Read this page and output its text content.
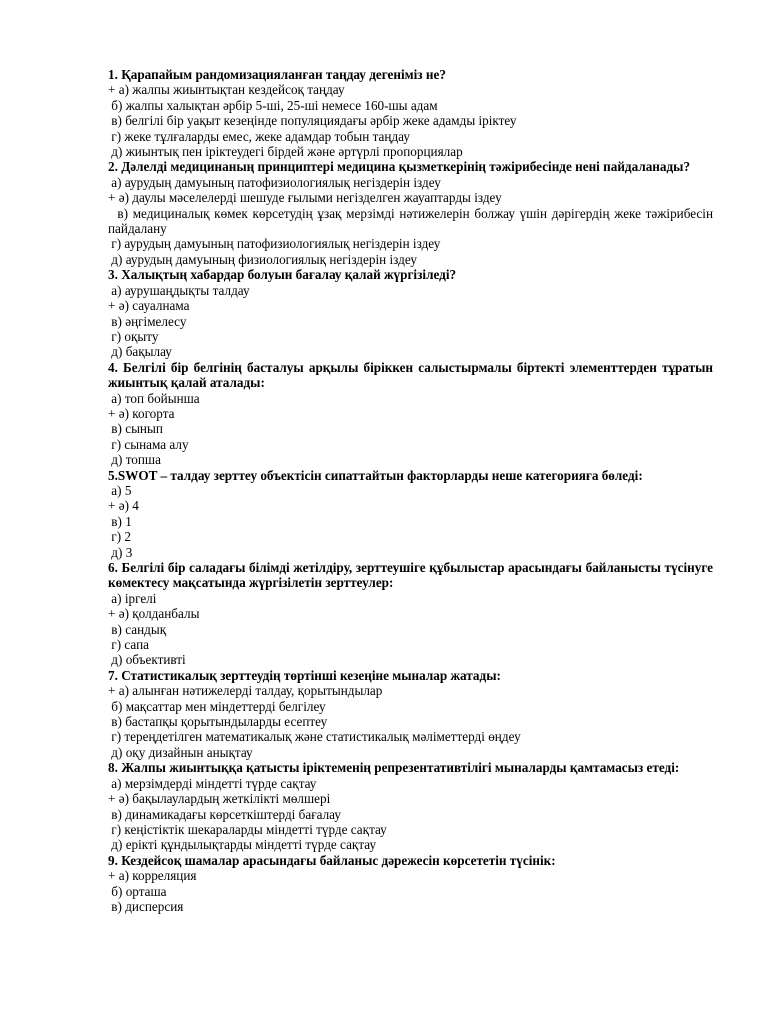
1. Қарапайым рандомизацияланған таңдау дегеніміз не?

+ а) жалпы жиынтықтан кездейсоқ таңдау

б) жалпы халықтан әрбір 5-ші, 25-ші немесе 160-шы адам

в) белгілі бір уақыт кезеңінде популяциядағы әрбір жеке адамды іріктеу

г) жеке тұлғаларды емес, жеке адамдар тобын таңдау

д) жиынтық пен іріктеудегі бірдей және әртүрлі пропорциялар

2. Дәлелді медицинаның принциптері медицина қызметкерінің тәжірибесінде нені пайдаланады?

а) аурудың дамуының патофизиологиялық негіздерін іздеу

+ ә) даулы мәселелерді шешуде ғылыми негізделген жауаптарды іздеу

в) медициналық көмек көрсетудің ұзақ мерзімді нәтижелерін болжау үшін дәрігердің жеке тәжірибесін пайдалану

г) аурудың дамуының патофизиологиялық негіздерін іздеу

д) аурудың дамуының физиологиялық негіздерін іздеу

3. Халықтың хабардар болуын бағалау қалай жүргізіледі?

а) аурушаңдықты талдау

+ ә) сауалнама

в) әңгімелесу

г) оқыту

д) бақылау

4. Белгілі бір белгінің басталуы арқылы біріккен салыстырмалы біртекті элементтерден тұратын жиынтық қалай аталады:

а) топ бойынша

+ ә) когорта

в) сынып

г) сынама алу

д) топша

5.SWOT – талдау зерттеу объектісін сипаттайтын факторларды неше категорияға бөледі:

а) 5

+ ә) 4

в) 1

г) 2

д) 3

6. Белгілі бір саладағы білімді жетілдіру, зерттеушіге құбылыстар арасындағы байланысты түсінуге көмектесу мақсатында жүргізілетін зерттеулер:

а) іргелі

+ ә) қолданбалы

в) сандық

г) сапа

д) объективті

7. Статистикалық зерттеудің төртінші кезеңіне мыналар жатады:

+ а) алынған нәтижелерді талдау, қорытындылар

б) мақсаттар мен міндеттерді белгілеу

в) бастапқы қорытындыларды есептеу

г) тереңдетілген математикалық және статистикалық мәліметтерді өңдеу

д) оқу дизайнын анықтау

8. Жалпы жиынтыққа қатысты іріктеменің репрезентативтілігі мыналарды қамтамасыз етеді:

а) мерзімдерді міндетті түрде сақтау

+ ә) бақылаулардың жеткілікті мөлшері

в) динамикадағы көрсеткіштерді бағалау

г) кеңістіктік шекараларды міндетті түрде сақтау

д) ерікті құндылықтарды міндетті түрде сақтау

9. Кездейсоқ шамалар арасындағы байланыс дәрежесін көрсететін түсінік:

+ а) корреляция

б) орташа

в) дисперсия
